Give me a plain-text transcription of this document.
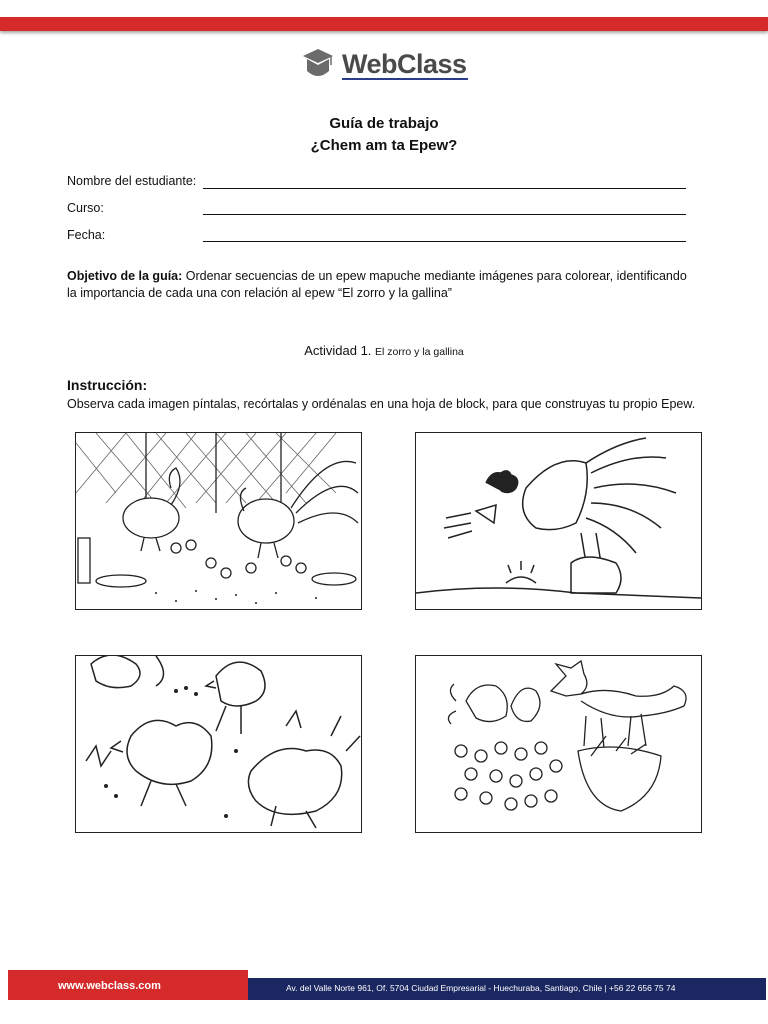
WebClass
Guía de trabajo
¿Chem am ta Epew?
Nombre del estudiante:
Curso:
Fecha:
Objetivo de la guía: Ordenar secuencias de un epew mapuche mediante imágenes para colorear, identificando la importancia de cada una con relación al epew “El zorro y la gallina”
Actividad 1. El zorro y la gallina
Instrucción:
Observa cada imagen píntalas, recórtalas y ordénalas en una hoja de block, para que construyas tu propio Epew.
www.webclass.com	Av. del Valle Norte 961, Of. 5704 Ciudad Empresarial - Huechuraba, Santiago, Chile | +56 22 656 75 74
